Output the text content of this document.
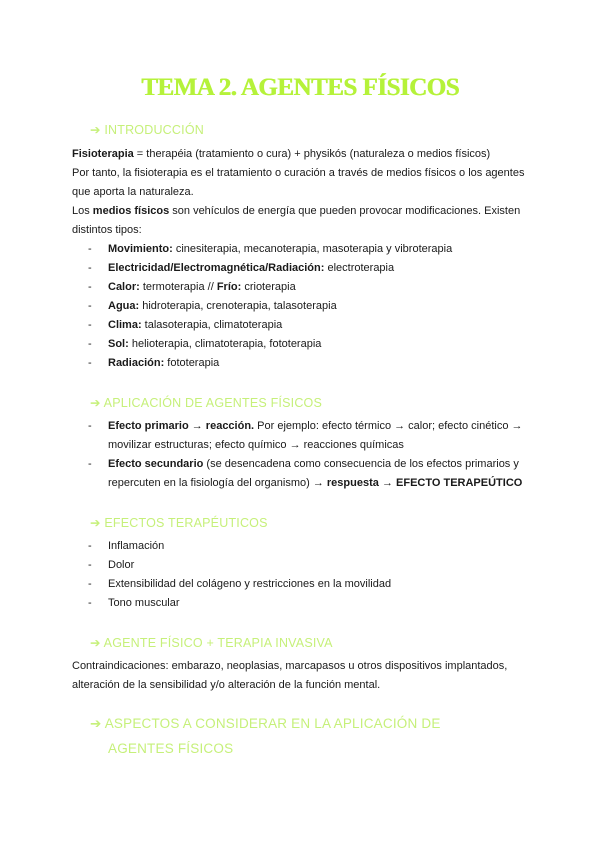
TEMA 2. AGENTES FÍSICOS
➔ INTRODUCCIÓN

Fisioterapia = therapéia (tratamiento o cura) + physikós (naturaleza o medios físicos)

Por tanto, la fisioterapia es el tratamiento o curación a través de medios físicos o los agentes que aporta la naturaleza.

Los medios físicos son vehículos de energía que pueden provocar modificaciones. Existen distintos tipos:

- Movimiento: cinesiterapia, mecanoterapia, masoterapia y vibroterapia
- Electricidad/Electromagnética/Radiación: electroterapia
- Calor: termoterapia // Frío: crioterapia
- Agua: hidroterapia, crenoterapia, talasoterapia
- Clima: talasoterapia, climatoterapia
- Sol: helioterapia, climatoterapia, fototerapia
- Radiación: fototerapia
➔ APLICACIÓN DE AGENTES FÍSICOS
- Efecto primario → reacción. Por ejemplo: efecto térmico → calor; efecto cinético → movilizar estructuras; efecto químico → reacciones químicas
- Efecto secundario (se desencadena como consecuencia de los efectos primarios y repercuten en la fisiología del organismo) → respuesta → EFECTO TERAPEÚTICO
➔ EFECTOS TERAPÉUTICOS
- Inflamación
- Dolor
- Extensibilidad del colágeno y restricciones en la movilidad
- Tono muscular
➔ AGENTE FÍSICO + TERAPIA INVASIVA

Contraindicaciones: embarazo, neoplasias, marcapasos u otros dispositivos implantados, alteración de la sensibilidad y/o alteración de la función mental.

➔ ASPECTOS A CONSIDERAR EN LA APLICACIÓN DE
AGENTES FÍSICOS
